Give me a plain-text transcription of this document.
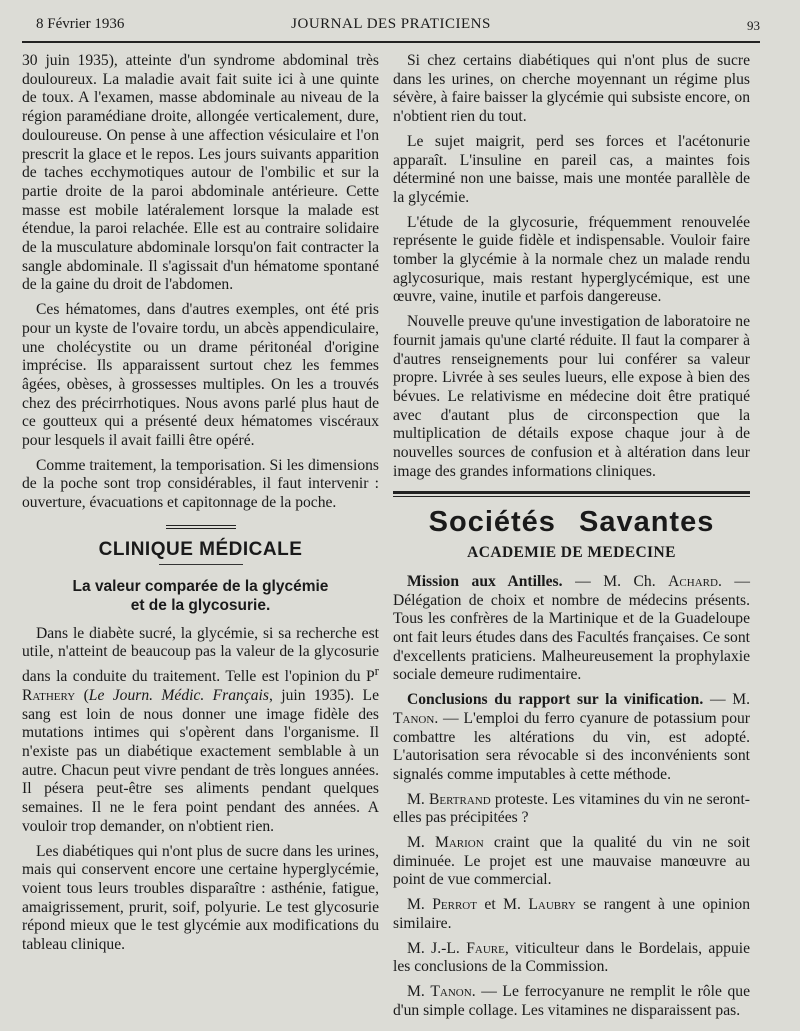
8 Février 1936	JOURNAL DES PRATICIENS	93

30 juin 1935), atteinte d'un syndrome abdominal très douloureux. La maladie avait fait suite ici à une quinte de toux. A l'examen, masse abdominale au niveau de la région paramédiane droite, allongée verticalement, dure, douloureuse. On pense à une affection vésiculaire et l'on prescrit la glace et le repos. Les jours suivants apparition de taches ecchymotiques autour de l'ombilic et sur la partie droite de la paroi abdominale antérieure. Cette masse est mobile latéralement lorsque la malade est étendue, la paroi relachée. Elle est au contraire solidaire de la musculature abdominale lorsqu'on fait contracter la sangle abdominale. Il s'agissait d'un hématome spontané de la gaine du droit de l'abdomen.

Ces hématomes, dans d'autres exemples, ont été pris pour un kyste de l'ovaire tordu, un abcès appendiculaire, une cholécystite ou un drame péritonéal d'origine imprécise. Ils apparaissent surtout chez les femmes âgées, obèses, à grossesses multiples. On les a trouvés chez des précirrhotiques. Nous avons parlé plus haut de ce goutteux qui a présenté deux hématomes viscéraux pour lesquels il avait failli être opéré.

Comme traitement, la temporisation. Si les dimensions de la poche sont trop considérables, il faut intervenir : ouverture, évacuations et capitonnage de la poche.

CLINIQUE MÉDICALE
La valeur comparée de la glycémie
et de la glycosurie.

Dans le diabète sucré, la glycémie, si sa recherche est utile, n'atteint de beaucoup pas la valeur de la glycosurie dans la conduite du traitement. Telle est l'opinion du $P^r$ Rathery (Le Journ. Médic. Français, juin 1935). Le sang est loin de nous donner une image fidèle des mutations intimes qui s'opèrent dans l'organisme. Il n'existe pas un diabétique exactement semblable à un autre. Chacun peut vivre pendant de très longues années. Il pésera peut-être ses aliments pendant quelques semaines. Il ne le fera point pendant des années. A vouloir trop demander, on n'obtient rien.

Les diabétiques qui n'ont plus de sucre dans les urines, mais qui conservent encore une certaine hyperglycémie, voient tous leurs troubles disparaître : asthénie, fatigue, amaigrissement, prurit, soif, polyurie. Le test glycosurie répond mieux que le test glycémie aux modifications du tableau clinique.

Si chez certains diabétiques qui n'ont plus de sucre dans les urines, on cherche moyennant un régime plus sévère, à faire baisser la glycémie qui subsiste encore, on n'obtient rien du tout.

Le sujet maigrit, perd ses forces et l'acétonurie apparaît. L'insuline en pareil cas, a maintes fois déterminé non une baisse, mais une montée parallèle de la glycémie.

L'étude de la glycosurie, fréquemment renouvelée représente le guide fidèle et indispensable. Vouloir faire tomber la glycémie à la normale chez un malade rendu aglycosurique, mais restant hyperglycémique, est une œuvre, vaine, inutile et parfois dangereuse.

Nouvelle preuve qu'une investigation de laboratoire ne fournit jamais qu'une clarté réduite. Il faut la comparer à d'autres renseignements pour lui conférer sa valeur propre. Livrée à ses seules lueurs, elle expose à bien des bévues. Le relativisme en médecine doit être pratiqué avec d'autant plus de circonspection que la multiplication de détails expose chaque jour à de nouvelles sources de confusion et à altération dans leur image des grandes informations cliniques.

Sociétés Savantes
ACADEMIE DE MEDECINE

Mission aux Antilles. — M. Ch. Achard. — Délégation de choix et nombre de médecins présents. Tous les confrères de la Martinique et de la Guadeloupe ont fait leurs études dans des Facultés françaises. Ce sont d'excellents praticiens. Malheureusement la prophylaxie sociale demeure rudimentaire.

Conclusions du rapport sur la vinification. — M. Tanon. — L'emploi du ferro cyanure de potassium pour combattre les altérations du vin, est adopté. L'autorisation sera révocable si des inconvénients sont signalés comme imputables à cette méthode.

M. Bertrand proteste. Les vitamines du vin ne seront-elles pas précipitées ?

M. Marion craint que la qualité du vin ne soit diminuée. Le projet est une mauvaise manœuvre au point de vue commercial.

M. Perrot et M. Laubry se rangent à une opinion similaire.

M. J.-L. Faure, viticulteur dans le Bordelais, appuie les conclusions de la Commission.

M. Tanon. — Le ferrocyanure ne remplit le rôle que d'un simple collage. Les vitamines ne disparaissent pas.
